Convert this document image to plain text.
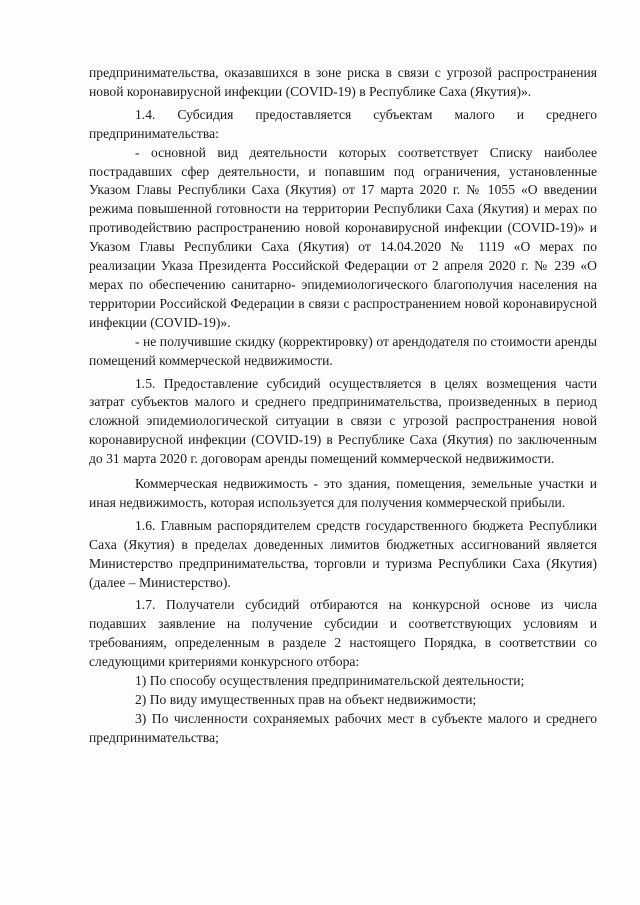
предпринимательства, оказавшихся в зоне риска в связи с угрозой распространения новой коронавирусной инфекции (COVID-19) в Республике Саха (Якутия)».

1.4. Субсидия предоставляется субъектам малого и среднего предпринимательства:

- основной вид деятельности которых соответствует Списку наиболее пострадавших сфер деятельности, и попавшим под ограничения, установленные Указом Главы Республики Саха (Якутия) от 17 марта 2020 г. № 1055 «О введении режима повышенной готовности на территории Республики Саха (Якутия) и мерах по противодействию распространению новой коронавирусной инфекции (COVID-19)» и Указом Главы Республики Саха (Якутия) от 14.04.2020 № 1119 «О мерах по реализации Указа Президента Российской Федерации от 2 апреля 2020 г. № 239 «О мерах по обеспечению санитарно- эпидемиологического благополучия населения на территории Российской Федерации в связи с распространением новой коронавирусной инфекции (COVID-19)».

- не получившие скидку (корректировку) от арендодателя по стоимости аренды помещений коммерческой недвижимости.

1.5. Предоставление субсидий осуществляется в целях возмещения части затрат субъектов малого и среднего предпринимательства, произведенных в период сложной эпидемиологической ситуации в связи с угрозой распространения новой коронавирусной инфекции (COVID-19) в Республике Саха (Якутия) по заключенным до 31 марта 2020 г. договорам аренды помещений коммерческой недвижимости.

Коммерческая недвижимость - это здания, помещения, земельные участки и иная недвижимость, которая используется для получения коммерческой прибыли.

1.6. Главным распорядителем средств государственного бюджета Республики Саха (Якутия) в пределах доведенных лимитов бюджетных ассигнований является Министерство предпринимательства, торговли и туризма Республики Саха (Якутия) (далее – Министерство).

1.7. Получатели субсидий отбираются на конкурсной основе из числа подавших заявление на получение субсидии и соответствующих условиям и требованиям, определенным в разделе 2 настоящего Порядка, в соответствии со следующими критериями конкурсного отбора:

1) По способу осуществления предпринимательской деятельности;

2) По виду имущественных прав на объект недвижимости;

3) По численности сохраняемых рабочих мест в субъекте малого и среднего предпринимательства;
